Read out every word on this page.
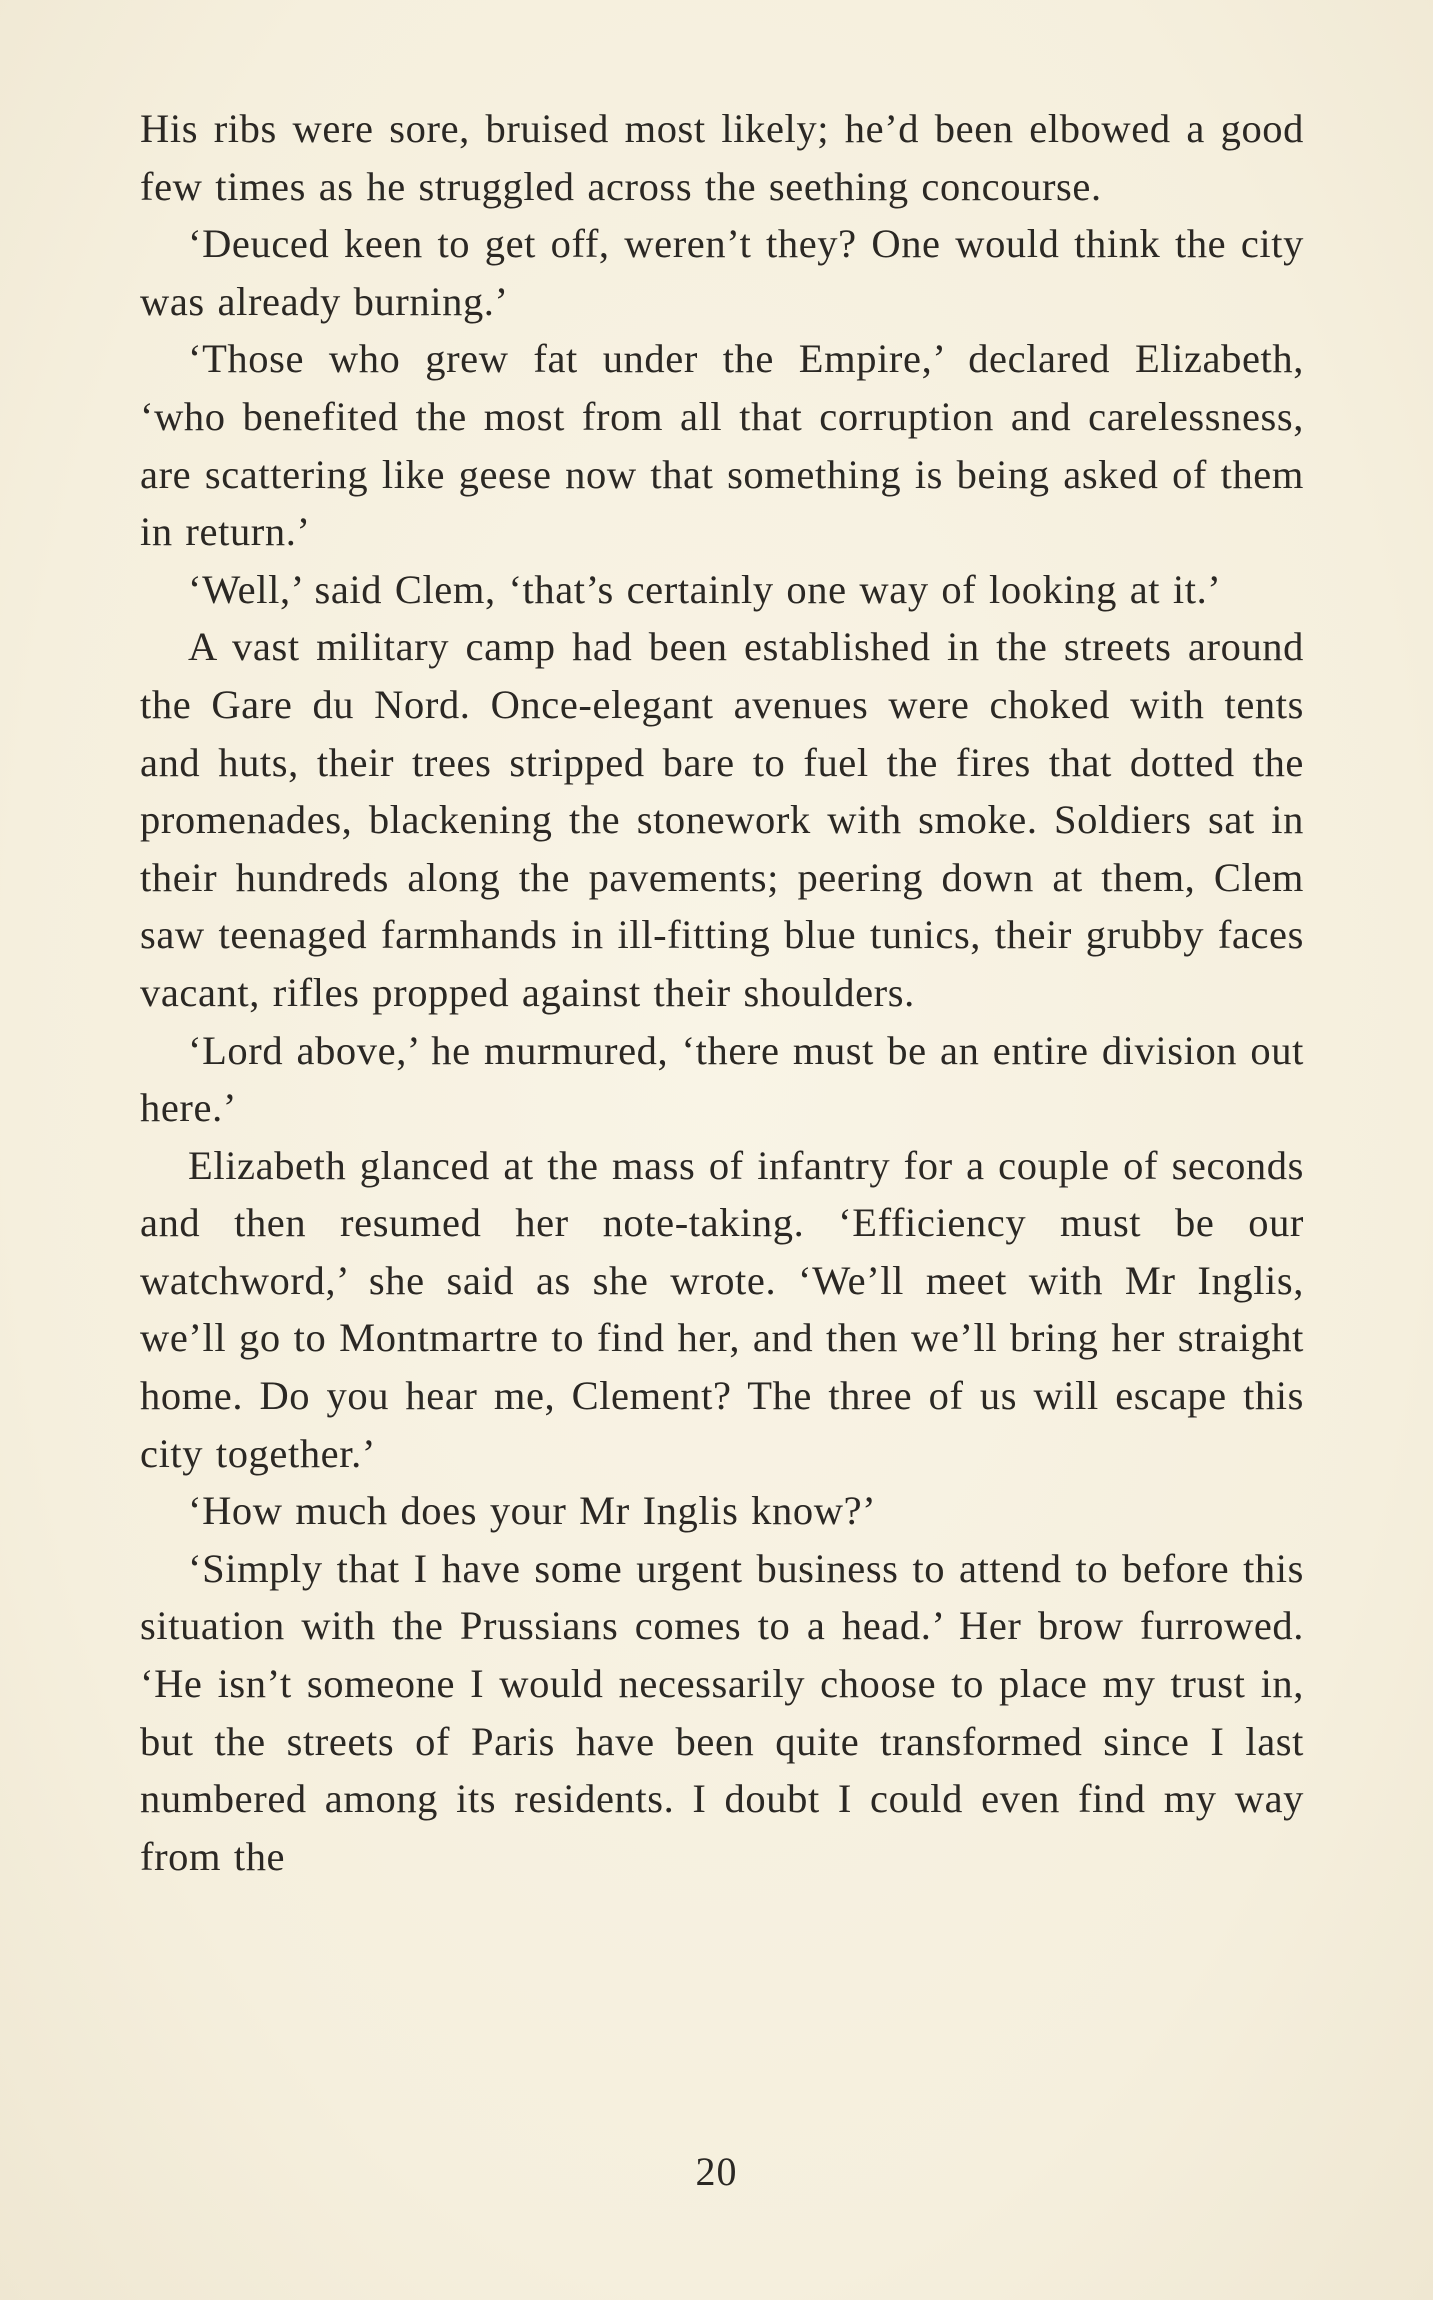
His ribs were sore, bruised most likely; he’d been elbowed a good few times as he struggled across the seething concourse.

‘Deuced keen to get off, weren’t they? One would think the city was already burning.’

‘Those who grew fat under the Empire,’ declared Elizabeth, ‘who benefited the most from all that corruption and carelessness, are scattering like geese now that something is being asked of them in return.’

‘Well,’ said Clem, ‘that’s certainly one way of looking at it.’

A vast military camp had been established in the streets around the Gare du Nord. Once-elegant avenues were choked with tents and huts, their trees stripped bare to fuel the fires that dotted the promenades, blackening the stonework with smoke. Soldiers sat in their hundreds along the pavements; peering down at them, Clem saw teenaged farmhands in ill-fitting blue tunics, their grubby faces vacant, rifles propped against their shoulders.

‘Lord above,’ he murmured, ‘there must be an entire division out here.’

Elizabeth glanced at the mass of infantry for a couple of seconds and then resumed her note-taking. ‘Efficiency must be our watchword,’ she said as she wrote. ‘We’ll meet with Mr Inglis, we’ll go to Montmartre to find her, and then we’ll bring her straight home. Do you hear me, Clement? The three of us will escape this city together.’

‘How much does your Mr Inglis know?’

‘Simply that I have some urgent business to attend to before this situation with the Prussians comes to a head.’ Her brow furrowed. ‘He isn’t someone I would necessarily choose to place my trust in, but the streets of Paris have been quite transformed since I last numbered among its residents. I doubt I could even find my way from the

20
